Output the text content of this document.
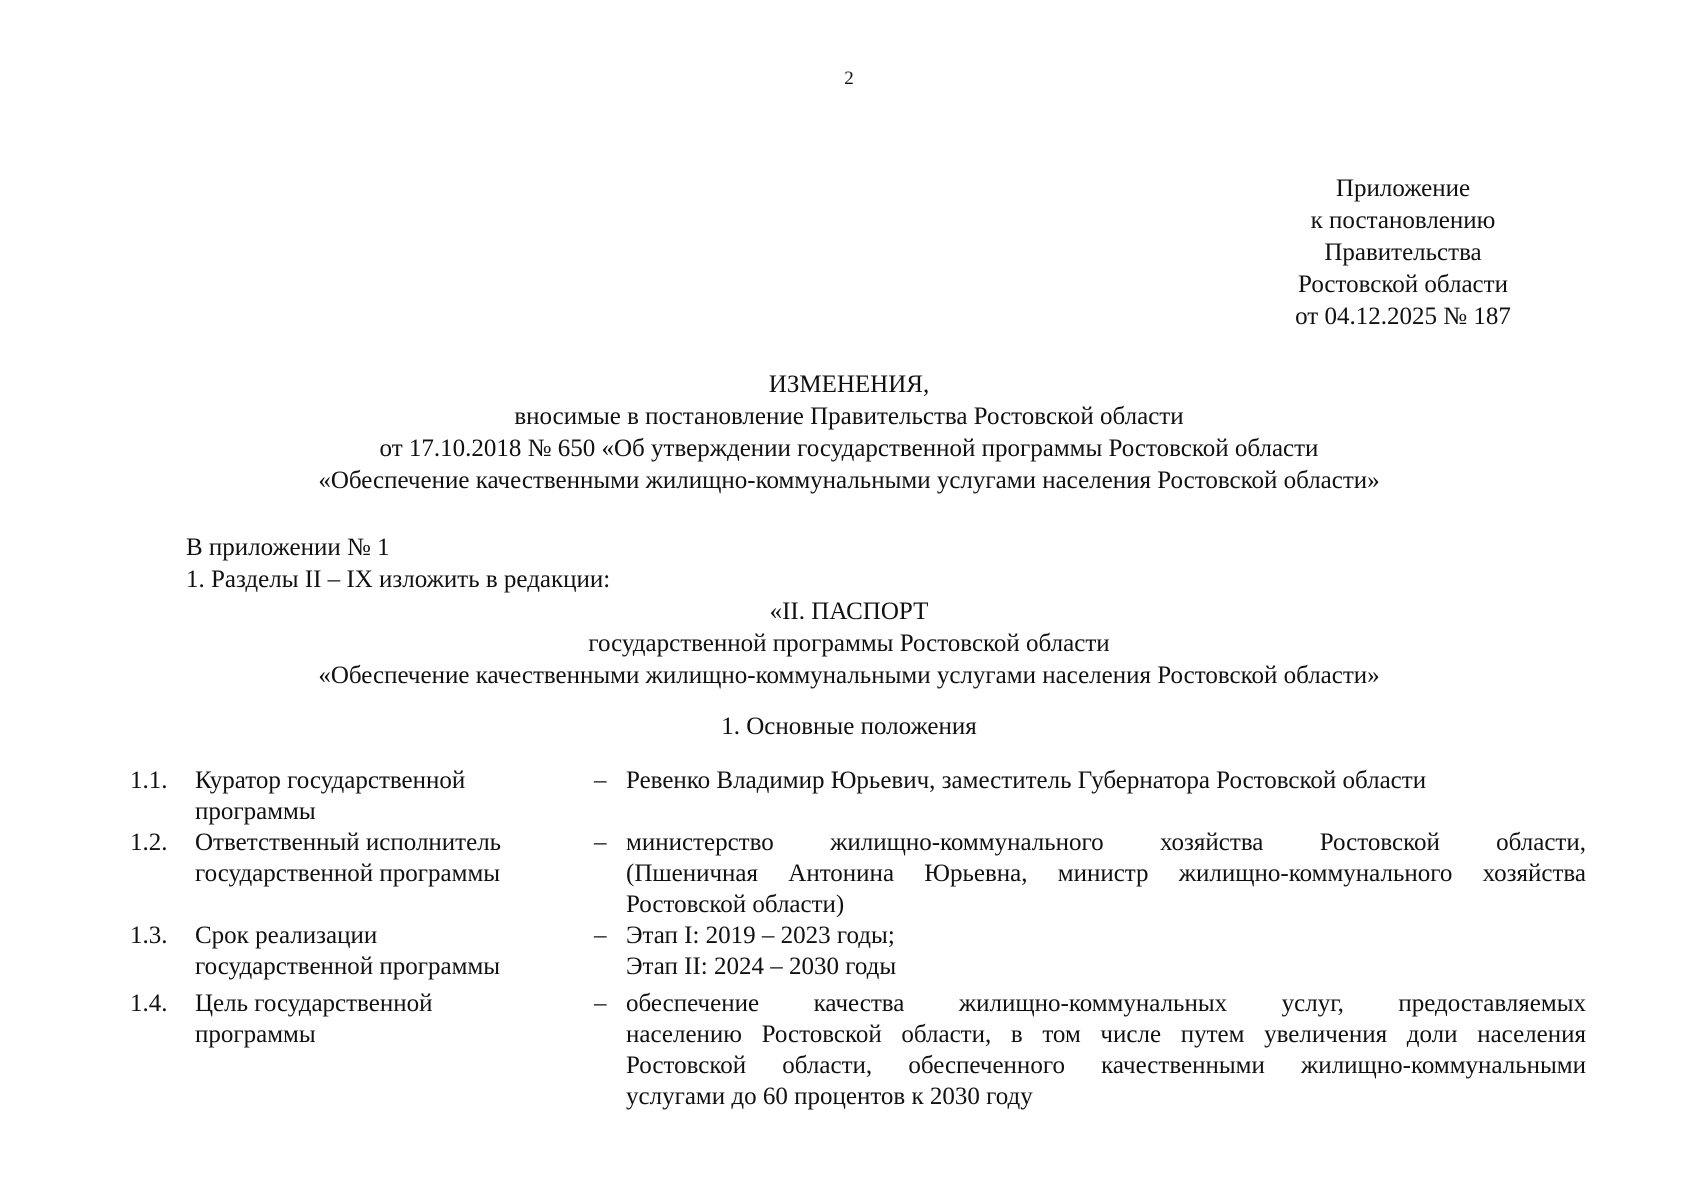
2
Приложение
к постановлению
Правительства
Ростовской области
от 04.12.2025 № 187
ИЗМЕНЕНИЯ,
вносимые в постановление Правительства Ростовской области
от 17.10.2018 № 650 «Об утверждении государственной программы Ростовской области
«Обеспечение качественными жилищно-коммунальными услугами населения Ростовской области»
В приложении № 1
1. Разделы II – IX изложить в редакции:
«II. ПАСПОРТ
государственной программы Ростовской области
«Обеспечение качественными жилищно-коммунальными услугами населения Ростовской области»
1. Основные положения
1.1.	Куратор государственной
программы
– Ревенко Владимир Юрьевич, заместитель Губернатора Ростовской области
1.2.	Ответственный исполнитель
государственной программы
– министерство жилищно-коммунального хозяйства Ростовской области,
(Пшеничная Антонина Юрьевна, министр жилищно-коммунального хозяйства
Ростовской области)
1.3.	Срок реализации
государственной программы
– Этап I: 2019 – 2023 годы;
Этап II: 2024 – 2030 годы
1.4.	Цель государственной
программы
– обеспечение качества жилищно-коммунальных услуг, предоставляемых
населению Ростовской области, в том числе путем увеличения доли населения
Ростовской области, обеспеченного качественными жилищно-коммунальными
услугами до 60 процентов к 2030 году
